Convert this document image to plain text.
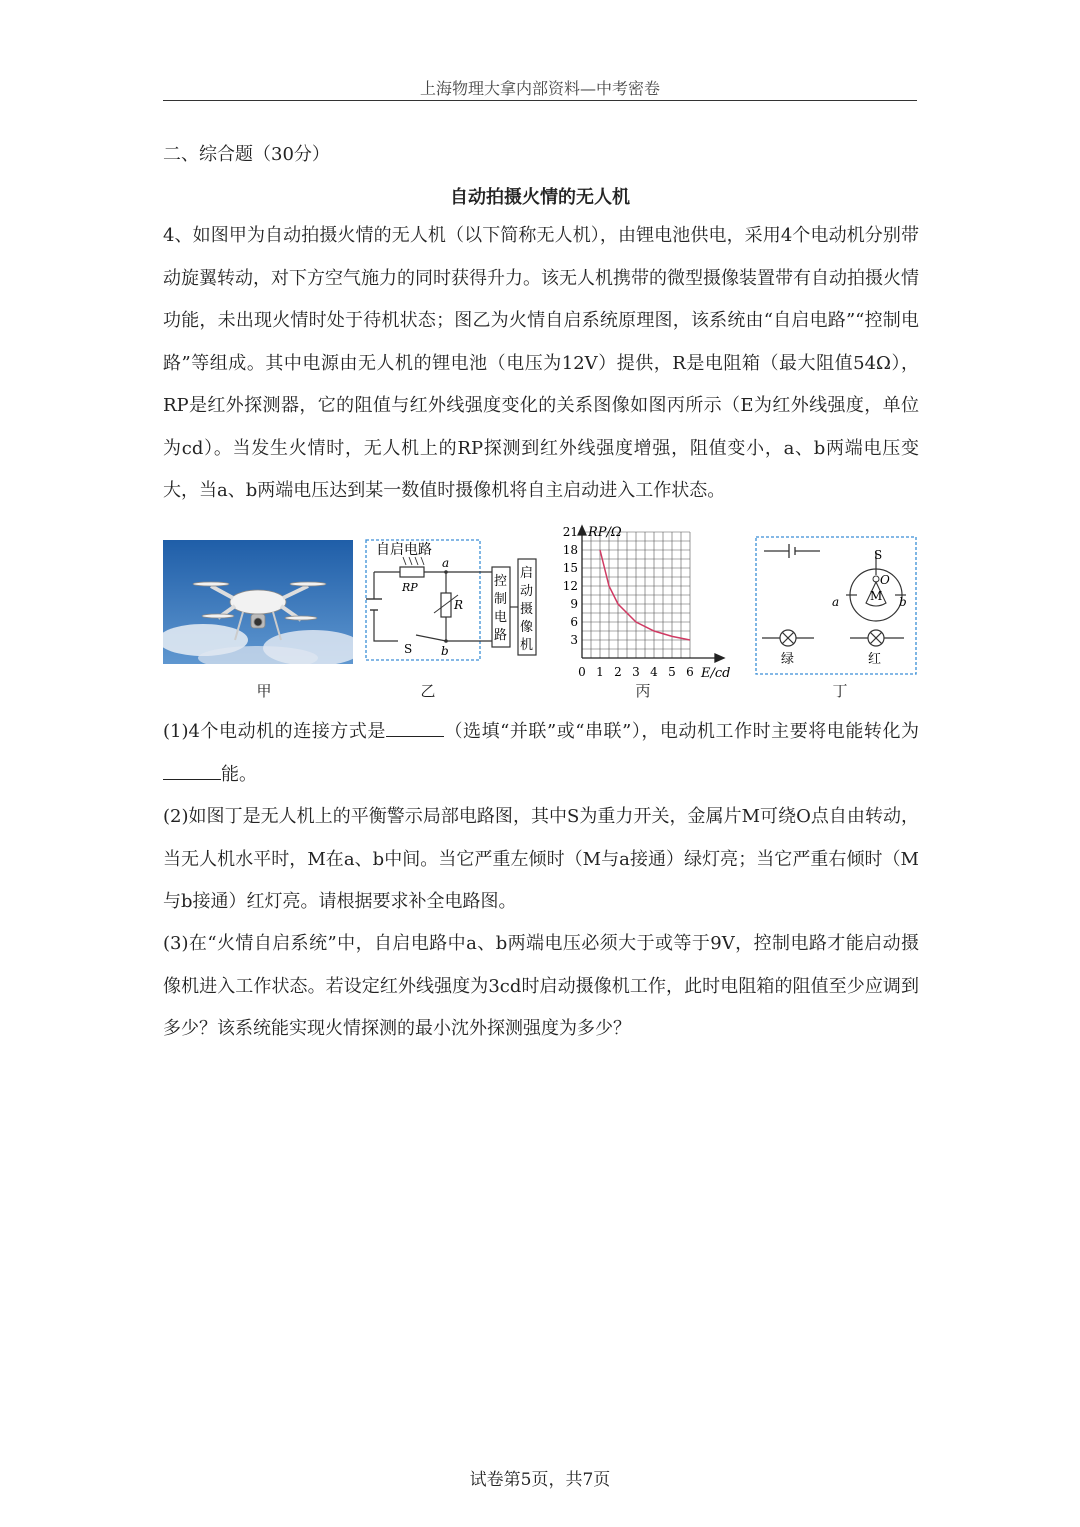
上海物理大拿内部资料—中考密卷
二、综合题（30分）
自动拍摄火情的无人机
4、如图甲为自动拍摄火情的无人机（以下简称无人机），由锂电池供电，采用4个电动机分别带动旋翼转动，对下方空气施力的同时获得升力。该无人机携带的微型摄像装置带有自动拍摄火情功能，未出现火情时处于待机状态；图乙为火情自启系统原理图，该系统由“自启电路”“控制电路”等组成。其中电源由无人机的锂电池（电压为12V）提供，R是电阻箱（最大阻值54Ω），RP是红外探测器，它的阻值与红外线强度变化的关系图像如图丙所示（E为红外线强度，单位为cd）。当发生火情时，无人机上的RP探测到红外线强度增强，阻值变小，a、b两端电压变大，当a、b两端电压达到某一数值时摄像机将自主启动进入工作状态。
甲
自启电路
RP
R
a
b
S
控
制
电
路
启
动
摄
像
机
乙
3
6
9
12
15
18
21
0 1 2 3 4 5 6
RP/Ω
E/cd
丙
S
O
M
a	b
绿	红
丁
(1)4个电动机的连接方式是	（选填“并联”或“串联”），电动机工作时主要将电能转化为能。
(2)如图丁是无人机上的平衡警示局部电路图，其中S为重力开关，金属片M可绕O点自由转动，当无人机水平时，M在a、b中间。当它严重左倾时（M与a接通）绿灯亮；当它严重右倾时（M与b接通）红灯亮。请根据要求补全电路图。
(3)在“火情自启系统”中，自启电路中a、b两端电压必须大于或等于9V，控制电路才能启动摄像机进入工作状态。若设定红外线强度为3cd时启动摄像机工作，此时电阻箱的阻值至少应调到多少？该系统能实现火情探测的最小沈外探测强度为多少？
试卷第5页，共7页
